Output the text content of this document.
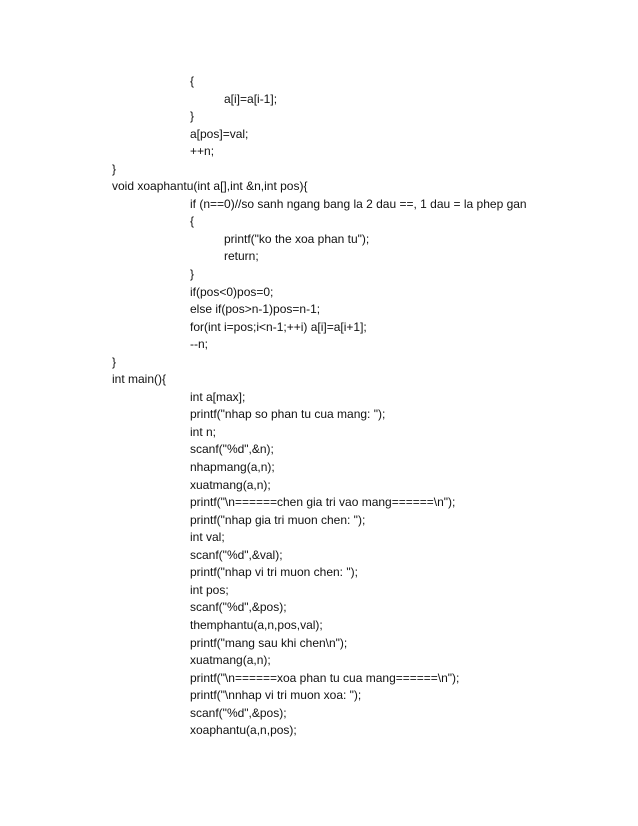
{
a[i]=a[i-1];
}
a[pos]=val;
++n;
}
void xoaphantu(int a[],int &n,int pos){
if (n==0)//so sanh ngang bang la 2 dau ==, 1 dau = la phep gan
{
printf("ko the xoa phan tu");
return;
}
if(pos<0)pos=0;
else if(pos>n-1)pos=n-1;
for(int i=pos;i<n-1;++i) a[i]=a[i+1];
--n;
}
int main(){
int a[max];
printf("nhap so phan tu cua mang: ");
int n;
scanf("%d",&n);
nhapmang(a,n);
xuatmang(a,n);
printf("\n======chen gia tri vao mang======\n");
printf("nhap gia tri muon chen: ");
int val;
scanf("%d",&val);
printf("nhap vi tri muon chen: ");
int pos;
scanf("%d",&pos);
themphantu(a,n,pos,val);
printf("mang sau khi chen\n");
xuatmang(a,n);
printf("\n======xoa phan tu cua mang======\n");
printf("\nnhap vi tri muon xoa: ");
scanf("%d",&pos);
xoaphantu(a,n,pos);
